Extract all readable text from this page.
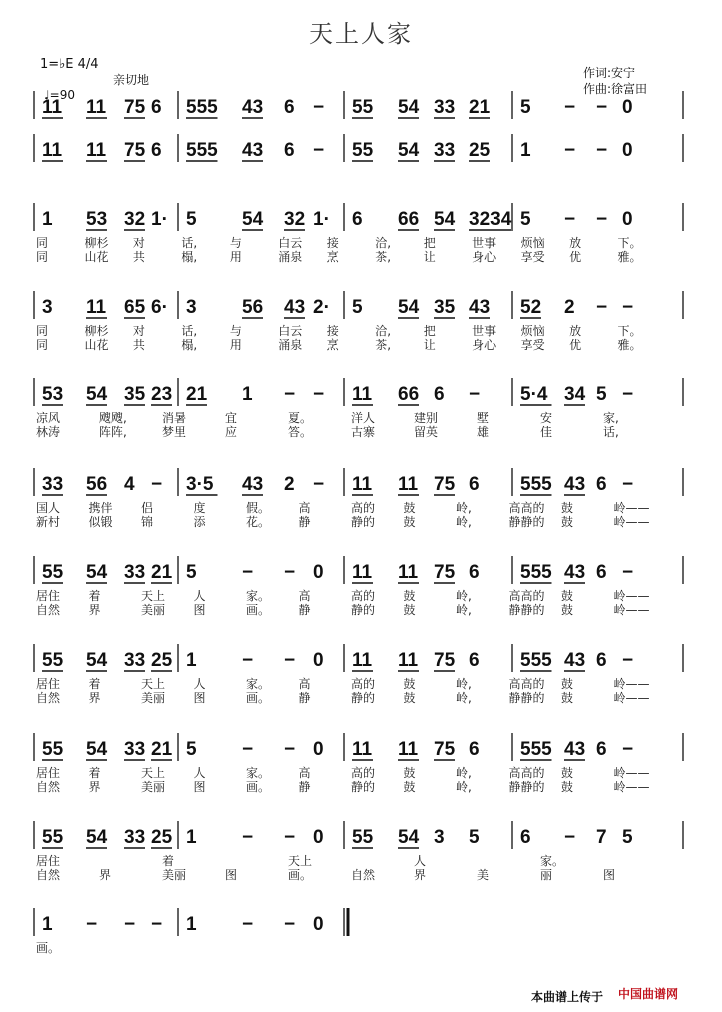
天上人家
1=♭E 4/4
♩=90
亲切地	作词:安宁
作曲:徐富田
11 11 75 6 555 43 6 − 55 54 33 21 5 − − 0
11 11 75 6 555 43 6 − 55 54 33 25 1 − − 0
1 53 32 1· 5 54 32 1· 6 66 54 3234 5 − − 0
同	柳杉 对	话,	与	白云 接	洽,	把	世事 烦恼 放	下。
同	山花 共	榻,	用	涌泉 烹	茶,	让	身心 享受 优	雅。
3 11 65 6· 3 56 43 2· 5 54 35 43 52 2 − −
同	柳杉 对	话,	与	白云 接	洽,	把	世事 烦恼 放	下。
同	山花 共	榻,	用	涌泉 烹	茶,	让	身心 享受 优	雅。
53 54 35 23 21 1 − − 11 66 6 − 5·4 34 5 −
凉风	飕飕,	消暑	宜	夏。	洋人	建别	墅	安	家,
林涛	阵阵,	梦里	应	答。	古寨	留英	雄	佳	话,
33 56 4 − 3·5 43 2 − 11 11 75 6 555 43 6 −
国人 携伴 侣	度	假。 高	高的 鼓	岭,	高高的 鼓	岭——
新村 似锻 锦	添	花。 静	静的 鼓	岭,	静静的 鼓	岭——
55 54 33 21 5 − − 0 11 11 75 6 555 43 6 −
居住 着	天上 人	家。 高	高的 鼓	岭,	高高的 鼓	岭——
自然 界	美丽 图	画。 静	静的 鼓	岭,	静静的 鼓	岭——
55 54 33 25 1 − − 0 11 11 75 6 555 43 6 −
居住 着	天上 人	家。 高	高的 鼓	岭,	高高的 鼓	岭——
自然 界	美丽 图	画。 静	静的 鼓	岭,	静静的 鼓	岭——
55 54 33 21 5 − − 0 11 11 75 6 555 43 6 −
居住 着	天上 人	家。 高	高的 鼓	岭,	高高的 鼓	岭——
自然 界	美丽 图	画。 静	静的 鼓	岭,	静静的 鼓	岭——
55 54 33 25 1 − − 0 55 54 3 5 6 − 7 5
居住	着	天上	人	家。
自然	界	美丽	图	画。	自然	界	美	丽	图
1 − − − 1 − − 0
画。
本曲谱上传于 中国曲谱网
